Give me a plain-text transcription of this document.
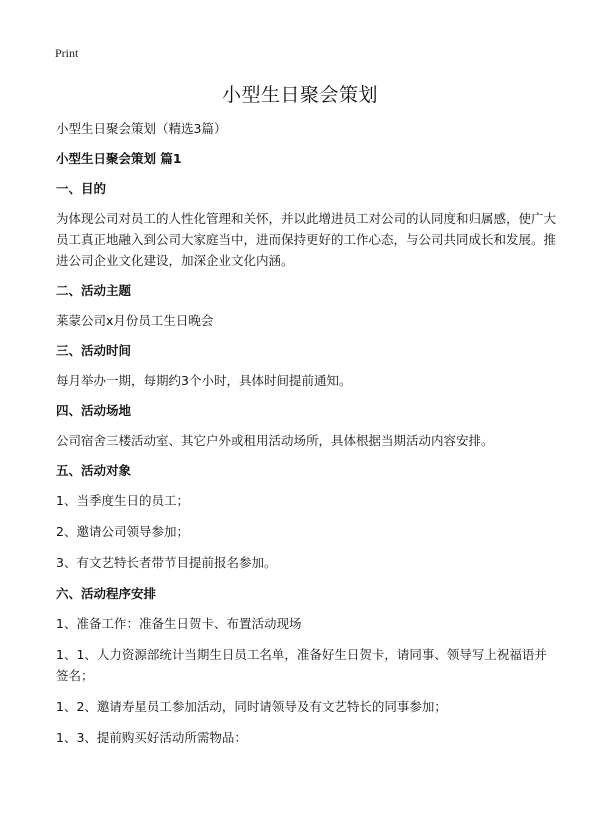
Print
小型生日聚会策划

小型生日聚会策划（精选3篇）

小型生日聚会策划 篇1

一、目的

为体现公司对员工的人性化管理和关怀，并以此增进员工对公司的认同度和归属感，使广大员工真正地融入到公司大家庭当中，进而保持更好的工作心态，与公司共同成长和发展。推进公司企业文化建设，加深企业文化内涵。

二、活动主题

莱蒙公司x月份员工生日晚会

三、活动时间

每月举办一期，每期约3个小时，具体时间提前通知。

四、活动场地

公司宿舍三楼活动室、其它户外或租用活动场所，具体根据当期活动内容安排。

五、活动对象

1、当季度生日的员工；

2、邀请公司领导参加；

3、有文艺特长者带节目提前报名参加。

六、活动程序安排

1、准备工作：准备生日贺卡、布置活动现场

1、1、人力资源部统计当期生日员工名单，准备好生日贺卡，请同事、领导写上祝福语并签名；

1、2、邀请寿星员工参加活动，同时请领导及有文艺特长的同事参加；

1、3、提前购买好活动所需物品：
